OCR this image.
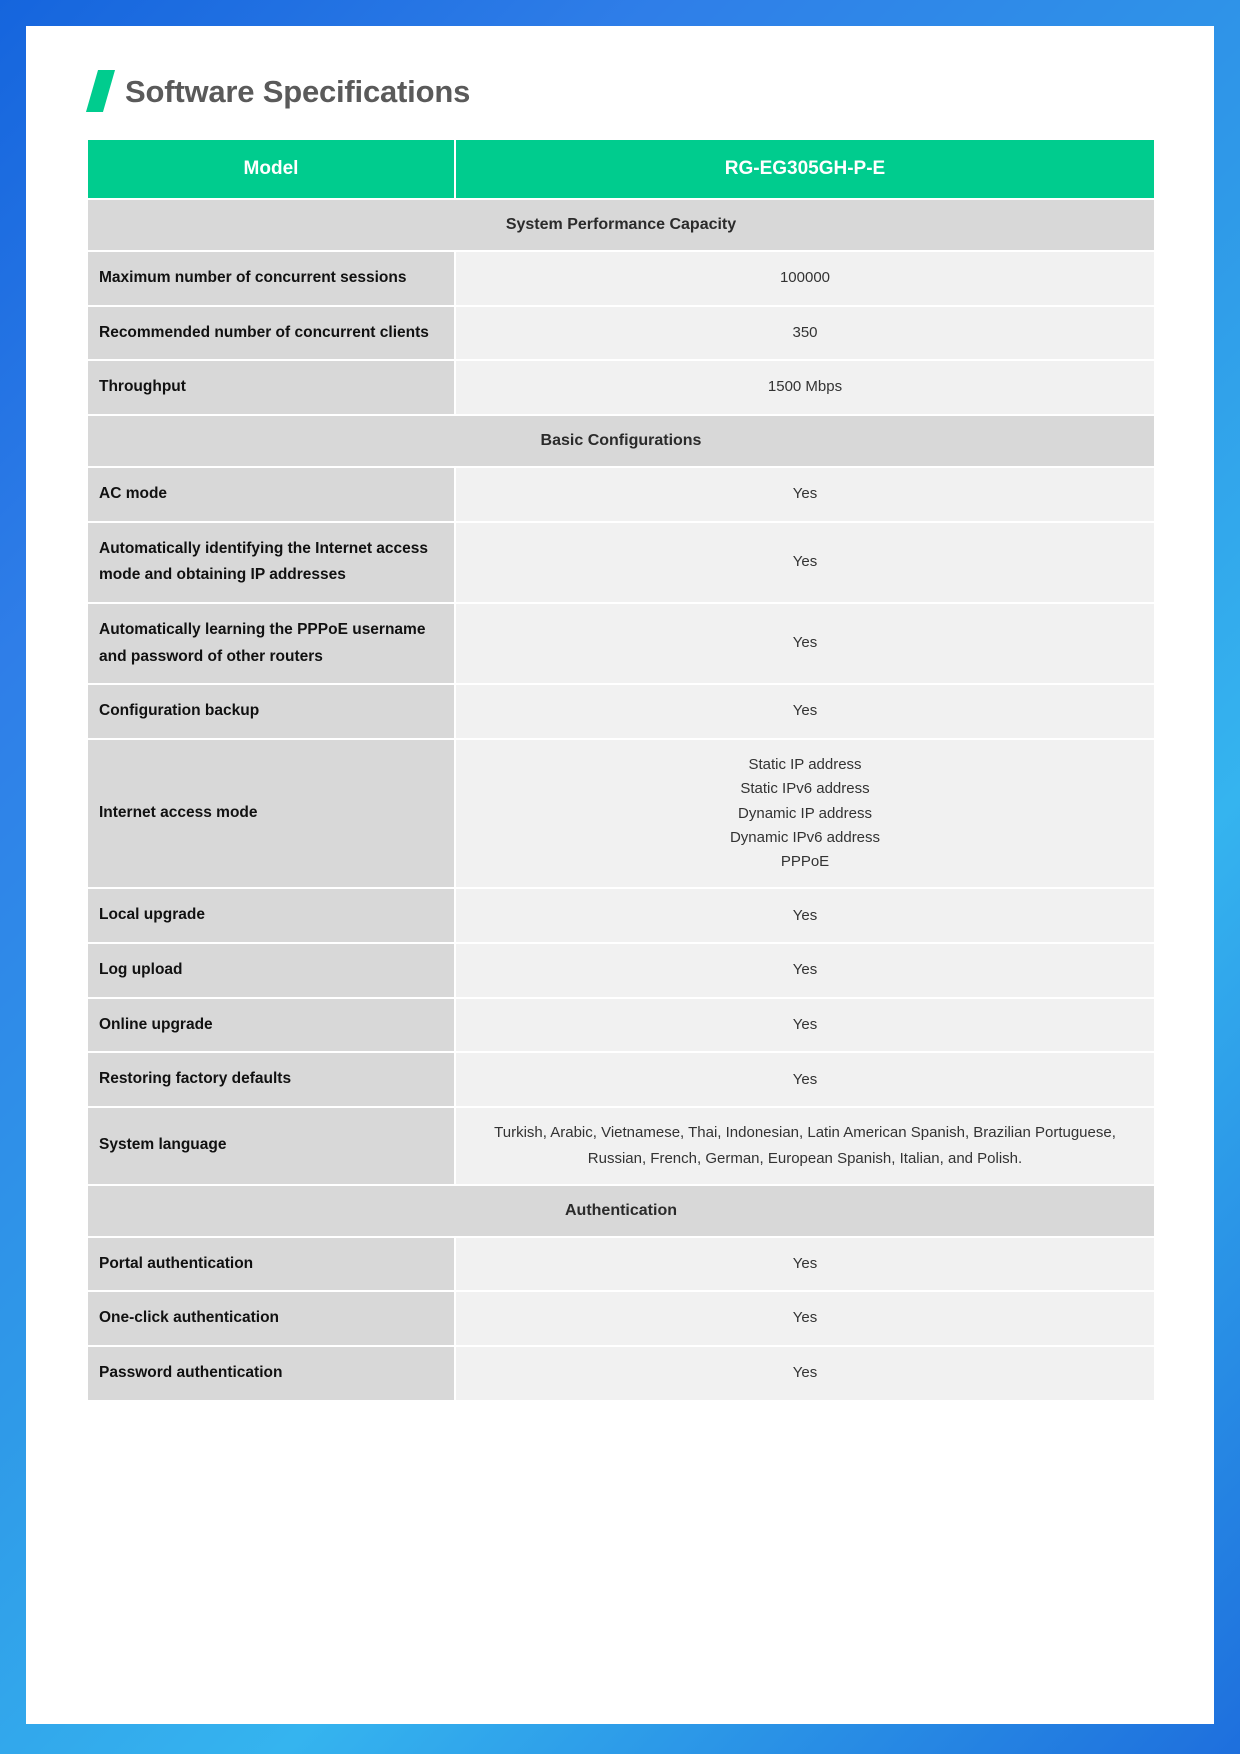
Software Specifications
Model	RG-EG305GH-P-E
System Performance Capacity	
Maximum number of concurrent sessions	100000

Recommended number of concurrent clients	350

Throughput	1500 Mbps

Basic Configurations	
AC mode	Yes

Automatically identifying the Internet access mode and obtaining IP addresses	Yes

Automatically learning the PPPoE username and password of other routers	Yes

Configuration backup	Yes

Internet access mode	Static IP address
Static IPv6 address
Dynamic IP address
Dynamic IPv6 address
PPPoE

Local upgrade	Yes

Log upload	Yes

Online upgrade	Yes

Restoring factory defaults	Yes

System language	Turkish, Arabic, Vietnamese, Thai, Indonesian, Latin American Spanish, Brazilian Portuguese, Russian, French, German, European Spanish, Italian, and Polish.

Authentication	
Portal authentication	Yes

One-click authentication	Yes

Password authentication	Yes
